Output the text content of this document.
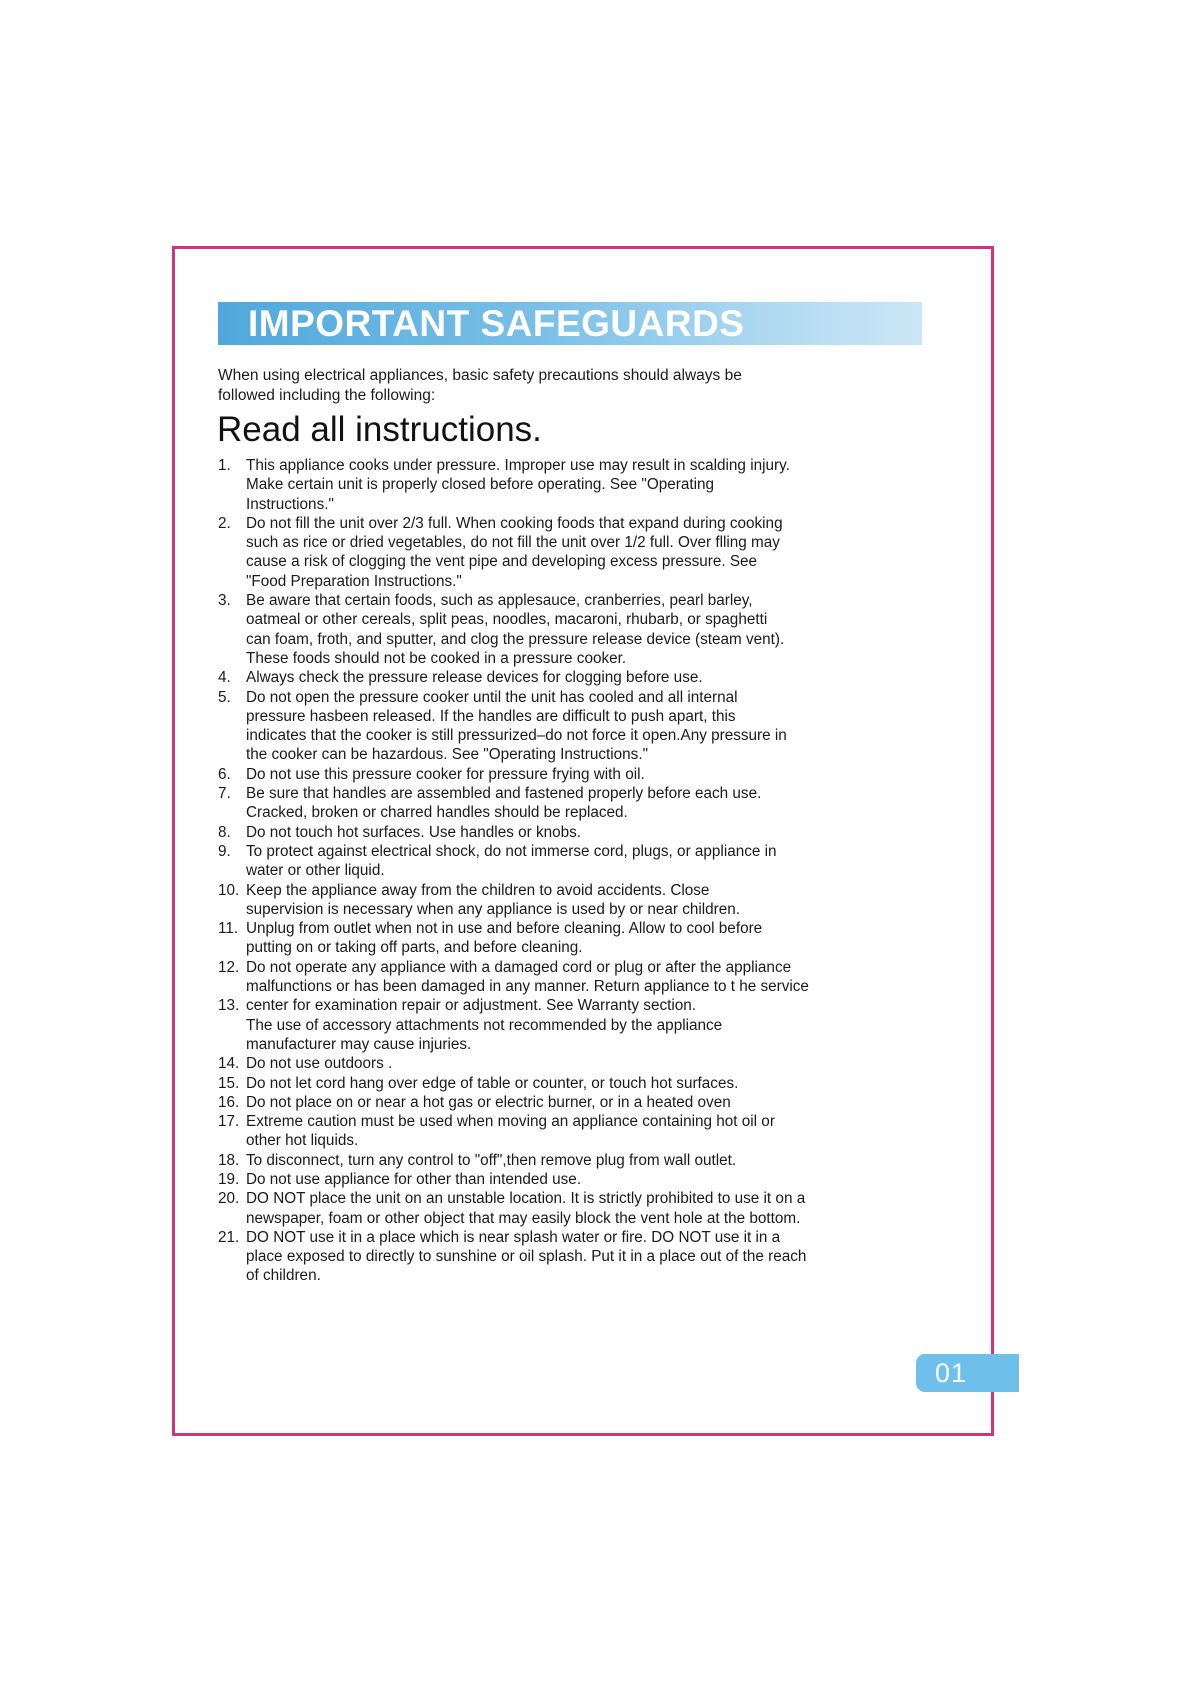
IMPORTANT SAFEGUARDS
When using electrical appliances, basic safety precautions should always be
followed including the following:
Read all instructions.
1. This appliance cooks under pressure. Improper use may result in scalding injury.
Make certain unit is properly closed before operating. See "Operating
Instructions."
2. Do not fill the unit over 2/3 full. When cooking foods that expand during cooking
such as rice or dried vegetables, do not fill the unit over 1/2 full. Over flling may
cause a risk of clogging the vent pipe and developing excess pressure. See
"Food Preparation Instructions."
3. Be aware that certain foods, such as applesauce, cranberries, pearl barley,
oatmeal or other cereals, split peas, noodles, macaroni, rhubarb, or spaghetti
can foam, froth, and sputter, and clog the pressure release device (steam vent).
These foods should not be cooked in a pressure cooker.
4. Always check the pressure release devices for clogging before use.
5. Do not open the pressure cooker until the unit has cooled and all internal
pressure hasbeen released. If the handles are difficult to push apart, this
indicates that the cooker is still pressurized–do not force it open.Any pressure in
the cooker can be hazardous. See "Operating Instructions."
6. Do not use this pressure cooker for pressure frying with oil.
7. Be sure that handles are assembled and fastened properly before each use.
Cracked, broken or charred handles should be replaced.
8. Do not touch hot surfaces. Use handles or knobs.
9. To protect against electrical shock, do not immerse cord, plugs, or appliance in
water or other liquid.
10. Keep the appliance away from the children to avoid accidents. Close
supervision is necessary when any appliance is used by or near children.
11. Unplug from outlet when not in use and before cleaning. Allow to cool before
putting on or taking off parts, and before cleaning.
12. Do not operate any appliance with a damaged cord or plug or after the appliance
malfunctions or has been damaged in any manner. Return appliance to t he service
13. center for examination repair or adjustment. See Warranty section.
The use of accessory attachments not recommended by the appliance
manufacturer may cause injuries.
14. Do not use outdoors .
15. Do not let cord hang over edge of table or counter, or touch hot surfaces.
16. Do not place on or near a hot gas or electric burner, or in a heated oven
17. Extreme caution must be used when moving an appliance containing hot oil or
other hot liquids.
18. To disconnect, turn any control to "off",then remove plug from wall outlet.
19. Do not use appliance for other than intended use.
20. DO NOT place the unit on an unstable location. It is strictly prohibited to use it on a
newspaper, foam or other object that may easily block the vent hole at the bottom.
21. DO NOT use it in a place which is near splash water or fire. DO NOT use it in a
place exposed to directly to sunshine or oil splash. Put it in a place out of the reach
of children.
01
